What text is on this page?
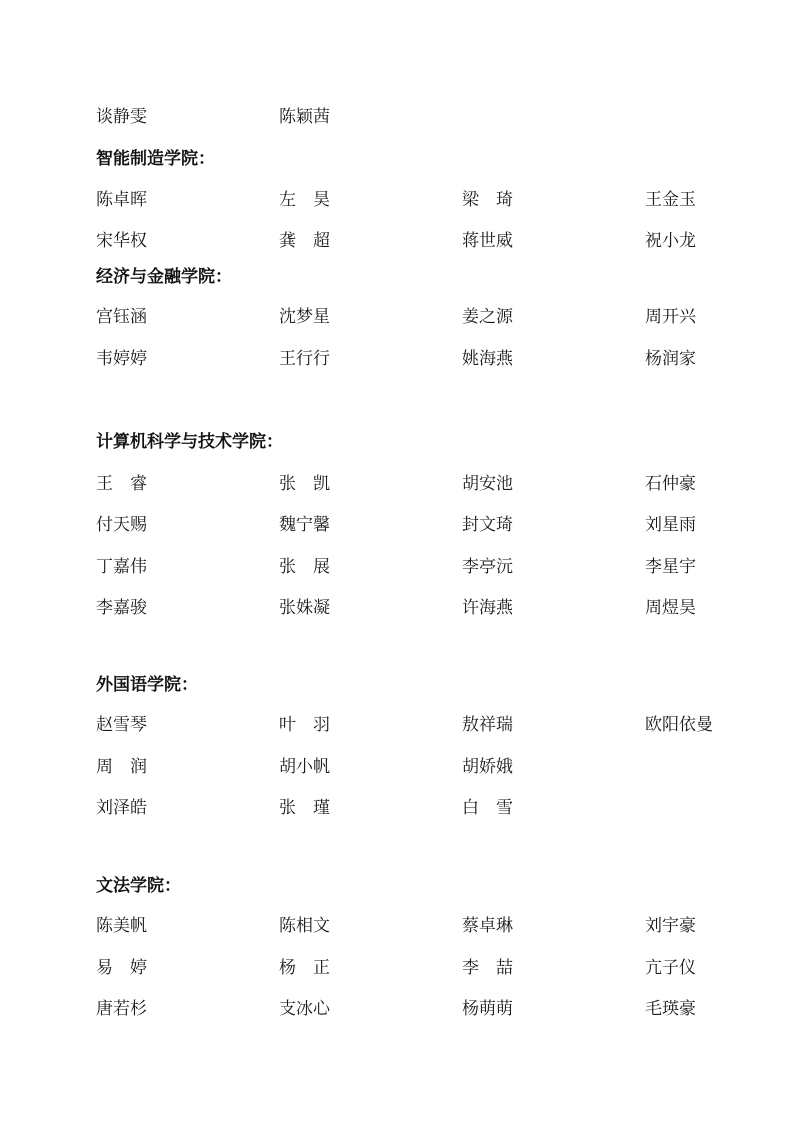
谈静雯	陈颖茜
智能制造学院：
陈卓晖	左　昊	梁　琦	王金玉
宋华权	龚　超	蒋世威	祝小龙
经济与金融学院：
宫钰涵	沈梦星	姜之源	周开兴
韦婷婷	王行行	姚海燕	杨润家
计算机科学与技术学院：
王　睿	张　凯	胡安池	石仲豪
付天赐	魏宁馨	封文琦	刘星雨
丁嘉伟	张　展	李亭沅	李星宇
李嘉骏	张姝凝	许海燕	周煜昊
外国语学院：
赵雪琴	叶　羽	敖祥瑞	欧阳依曼
周　润	胡小帆	胡娇娥
刘泽皓	张　瑾	白　雪
文法学院：
陈美帆	陈相文	蔡卓琳	刘宇豪
易　婷	杨　正	李　喆	亢子仪
唐若杉	支冰心	杨萌萌	毛瑛豪
